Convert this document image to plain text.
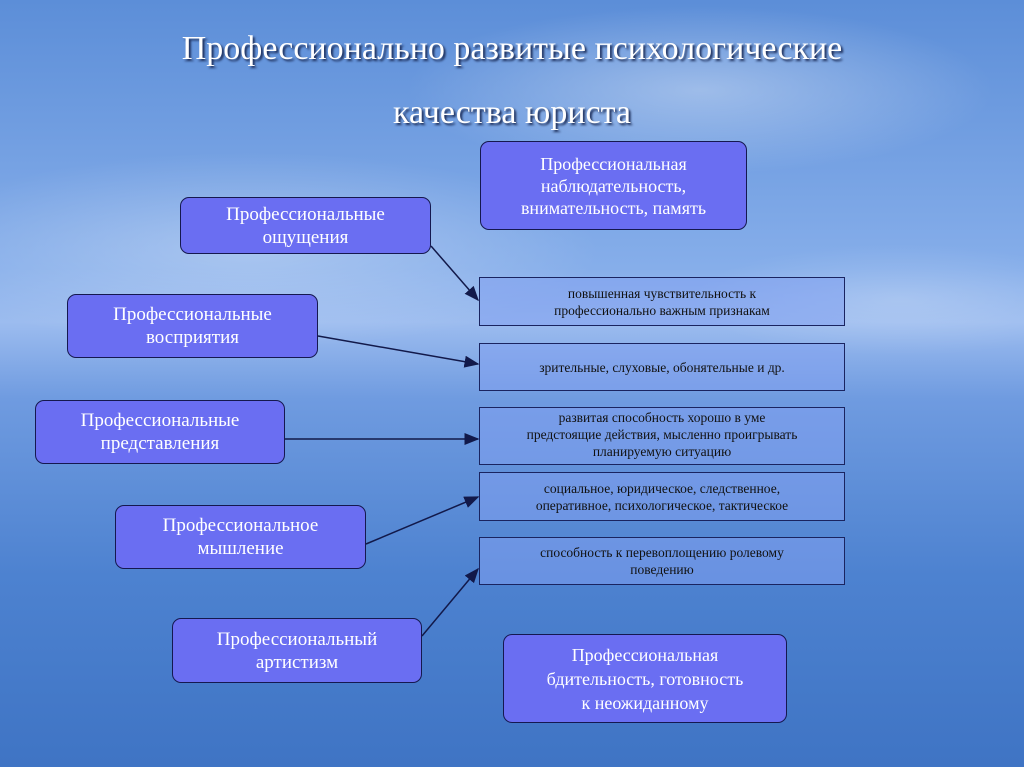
Профессионально развитые психологические
качества юриста
Профессиональная
наблюдательность,
внимательность, память
Профессиональные
ощущения
Профессиональные
восприятия
Профессиональные
представления
Профессиональное
мышление
Профессиональный
артистизм
повышенная чувствительность к
профессионально важным признакам
зрительные, слуховые, обонятельные и др.
развитая способность хорошо в уме
предстоящие действия, мысленно проигрывать
планируемую ситуацию
социальное, юридическое, следственное,
оперативное, психологическое, тактическое
способность к перевоплощению ролевому
поведению
Профессиональная
бдительность, готовность
к неожиданному
